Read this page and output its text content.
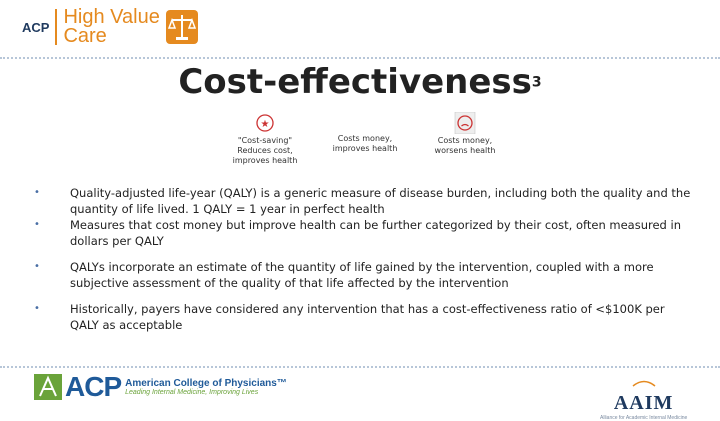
ACP High Value
Care
Cost-effectiveness$^3$
★
"Cost-saving"
Reduces cost,
improves health
Costs money,
improves health
Costs money,
worsens health
•	Quality-adjusted life-year (QALY) is a generic measure of disease burden, including both the quality and the quantity of life lived. 1 QALY = 1 year in perfect health
•	Measures that cost money but improve health can be further categorized by their cost, often measured in dollars per QALY
•	QALYs incorporate an estimate of the quantity of life gained by the intervention, coupled with a more subjective assessment of the quality of that life affected by the intervention
•	Historically, payers have considered any intervention that has a cost-effectiveness ratio of <$100K per QALY as acceptable
ACP American College of Physicians™
Leading Internal Medicine, Improving Lives	AAIM
Alliance for Academic Internal Medicine
